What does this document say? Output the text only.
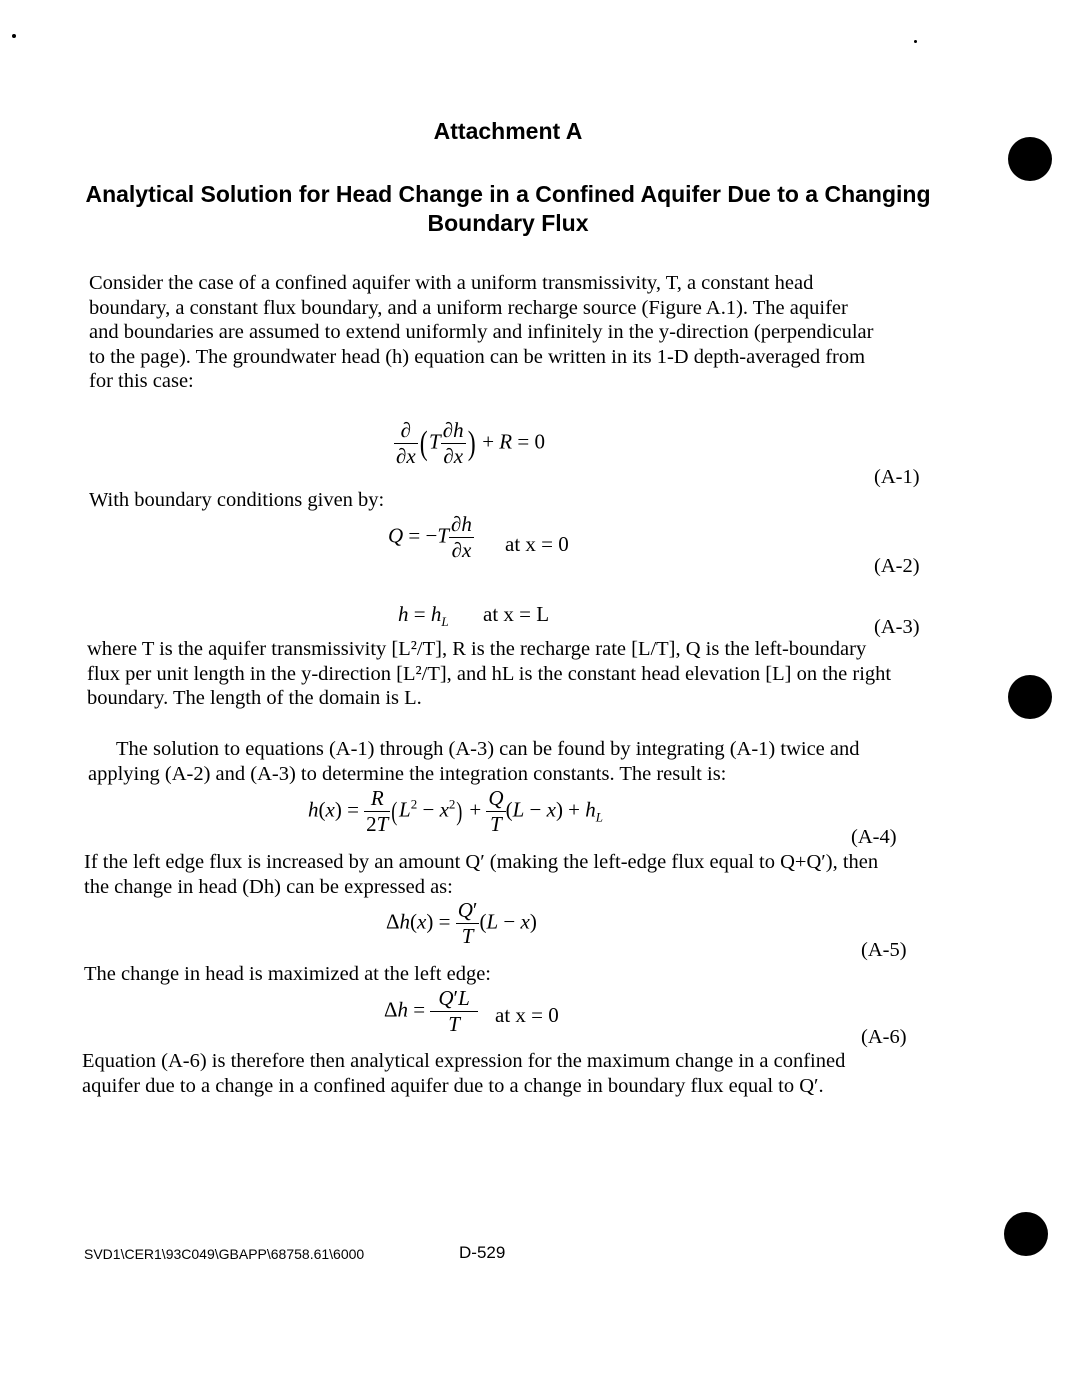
Attachment A
Analytical Solution for Head Change in a Confined Aquifer Due to a Changing Boundary Flux
Consider the case of a confined aquifer with a uniform transmissivity, T, a constant head
boundary, a constant flux boundary, and a uniform recharge source (Figure A.1). The aquifer
and boundaries are assumed to extend uniformly and infinitely in the y-direction (perpendicular
to the page). The groundwater head (h) equation can be written in its 1-D depth-averaged from
for this case:
$\frac{\partial}{\partial x} (T \frac{\partial h}{\partial x}$ ) + R = 0
(A-1)
With boundary conditions given by:
$Q = -T \frac{\partial h}{\partial x}$ at x = 0
(A-2)
$h = h_L$ at x = L
(A-3)
where T is the aquifer transmissivity [L²/T], R is the recharge rate [L/T], Q is the left-boundary
flux per unit length in the y-direction [L²/T], and hL is the constant head elevation [L] on the right
boundary. The length of the domain is L.
The solution to equations (A-1) through (A-3) can be found by integrating (A-1) twice and
applying (A-2) and (A-3) to determine the integration constants. The result is:
$h(x) = \frac{R}{2T} (L^2 - x^2) + \frac{Q}{T} (L - x) + h_L$
(A-4)
If the left edge flux is increased by an amount Q′ (making the left-edge flux equal to Q+Q′), then
the change in head (Dh) can be expressed as:
$\Delta h(x) = \frac{Q'}{T} (L - x)$
(A-5)
The change in head is maximized at the left edge:
$\Delta h = \frac{Q'L}{T}$ at x = 0
(A-6)
Equation (A-6) is therefore then analytical expression for the maximum change in a confined
aquifer due to a change in a confined aquifer due to a change in boundary flux equal to Q′.
SVD1\CER1\93C049\GBAPP\68758.61\6000	D-529
